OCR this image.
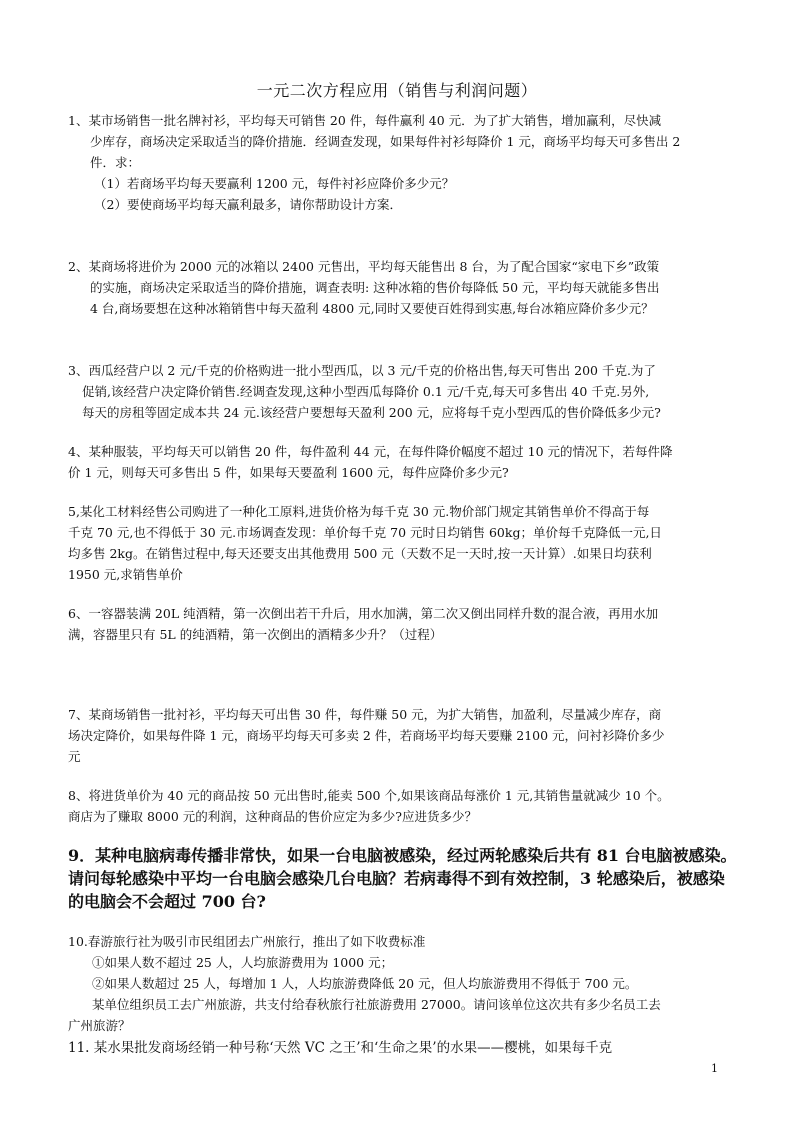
一元二次方程应用（销售与利润问题）
1、某市场销售一批名牌衬衫，平均每天可销售 20 件，每件赢利 40 元．为了扩大销售，增加赢利，尽快减
少库存，商场决定采取适当的降价措施．经调查发现，如果每件衬衫每降价 1 元，商场平均每天可多售出 2
件．求：
（1）若商场平均每天要赢利 1200 元，每件衬衫应降价多少元？
（2）要使商场平均每天赢利最多，请你帮助设计方案．
2、某商场将进价为 2000 元的冰箱以 2400 元售出，平均每天能售出 8 台，为了配合国家“家电下乡”政策
的实施，商场决定采取适当的降价措施，调查表明: 这种冰箱的售价每降低 50 元，平均每天就能多售出
4 台,商场要想在这种冰箱销售中每天盈利 4800 元,同时又要使百姓得到实惠,每台冰箱应降价多少元？
3、西瓜经营户以 2 元/千克的价格购进一批小型西瓜，以 3 元/千克的价格出售,每天可售出 200 千克.为了
促销,该经营户决定降价销售.经调查发现,这种小型西瓜每降价 0.1 元/千克,每天可多售出 40 千克.另外,
每天的房租等固定成本共 24 元.该经营户要想每天盈利 200 元，应将每千克小型西瓜的售价降低多少元?
4、某种服装，平均每天可以销售 20 件，每件盈利 44 元，在每件降价幅度不超过 10 元的情况下，若每件降
价 1 元，则每天可多售出 5 件，如果每天要盈利 1600 元，每件应降价多少元?
5,某化工材料经售公司购进了一种化工原料,进货价格为每千克 30 元.物价部门规定其销售单价不得高于每
千克 70 元,也不得低于 30 元.市场调查发现：单价每千克 70 元时日均销售 60kg；单价每千克降低一元,日
均多售 2kg。在销售过程中,每天还要支出其他费用 500 元（天数不足一天时,按一天计算）.如果日均获利
1950 元,求销售单价
6、一容器装满 20L 纯酒精，第一次倒出若干升后，用水加满，第二次又倒出同样升数的混合液，再用水加
满，容器里只有 5L 的纯酒精，第一次倒出的酒精多少升？（过程）
7、某商场销售一批衬衫，平均每天可出售 30 件，每件赚 50 元，为扩大销售，加盈利，尽量减少库存，商
场决定降价，如果每件降 1 元，商场平均每天可多卖 2 件，若商场平均每天要赚 2100 元，问衬衫降价多少
元
8、将进货单价为 40 元的商品按 50 元出售时,能卖 500 个,如果该商品每涨价 1 元,其销售量就减少 10 个。
商店为了赚取 8000 元的利润，这种商品的售价应定为多少?应进货多少？
9．某种电脑病毒传播非常快，如果一台电脑被感染，经过两轮感染后共有 81 台电脑被感染。
请问每轮感染中平均一台电脑会感染几台电脑？若病毒得不到有效控制，3 轮感染后，被感染
的电脑会不会超过 700 台?
10.春游旅行社为吸引市民组团去广州旅行，推出了如下收费标准
①如果人数不超过 25 人，人均旅游费用为 1000 元；
②如果人数超过 25 人，每增加 1 人，人均旅游费降低 20 元，但人均旅游费用不得低于 700 元。
某单位组织员工去广州旅游，共支付给春秋旅行社旅游费用 27000。请问该单位这次共有多少名员工去
广州旅游？
11. 某水果批发商场经销一种号称‘天然 VC 之王’和‘生命之果’的水果——樱桃，如果每千克
1
